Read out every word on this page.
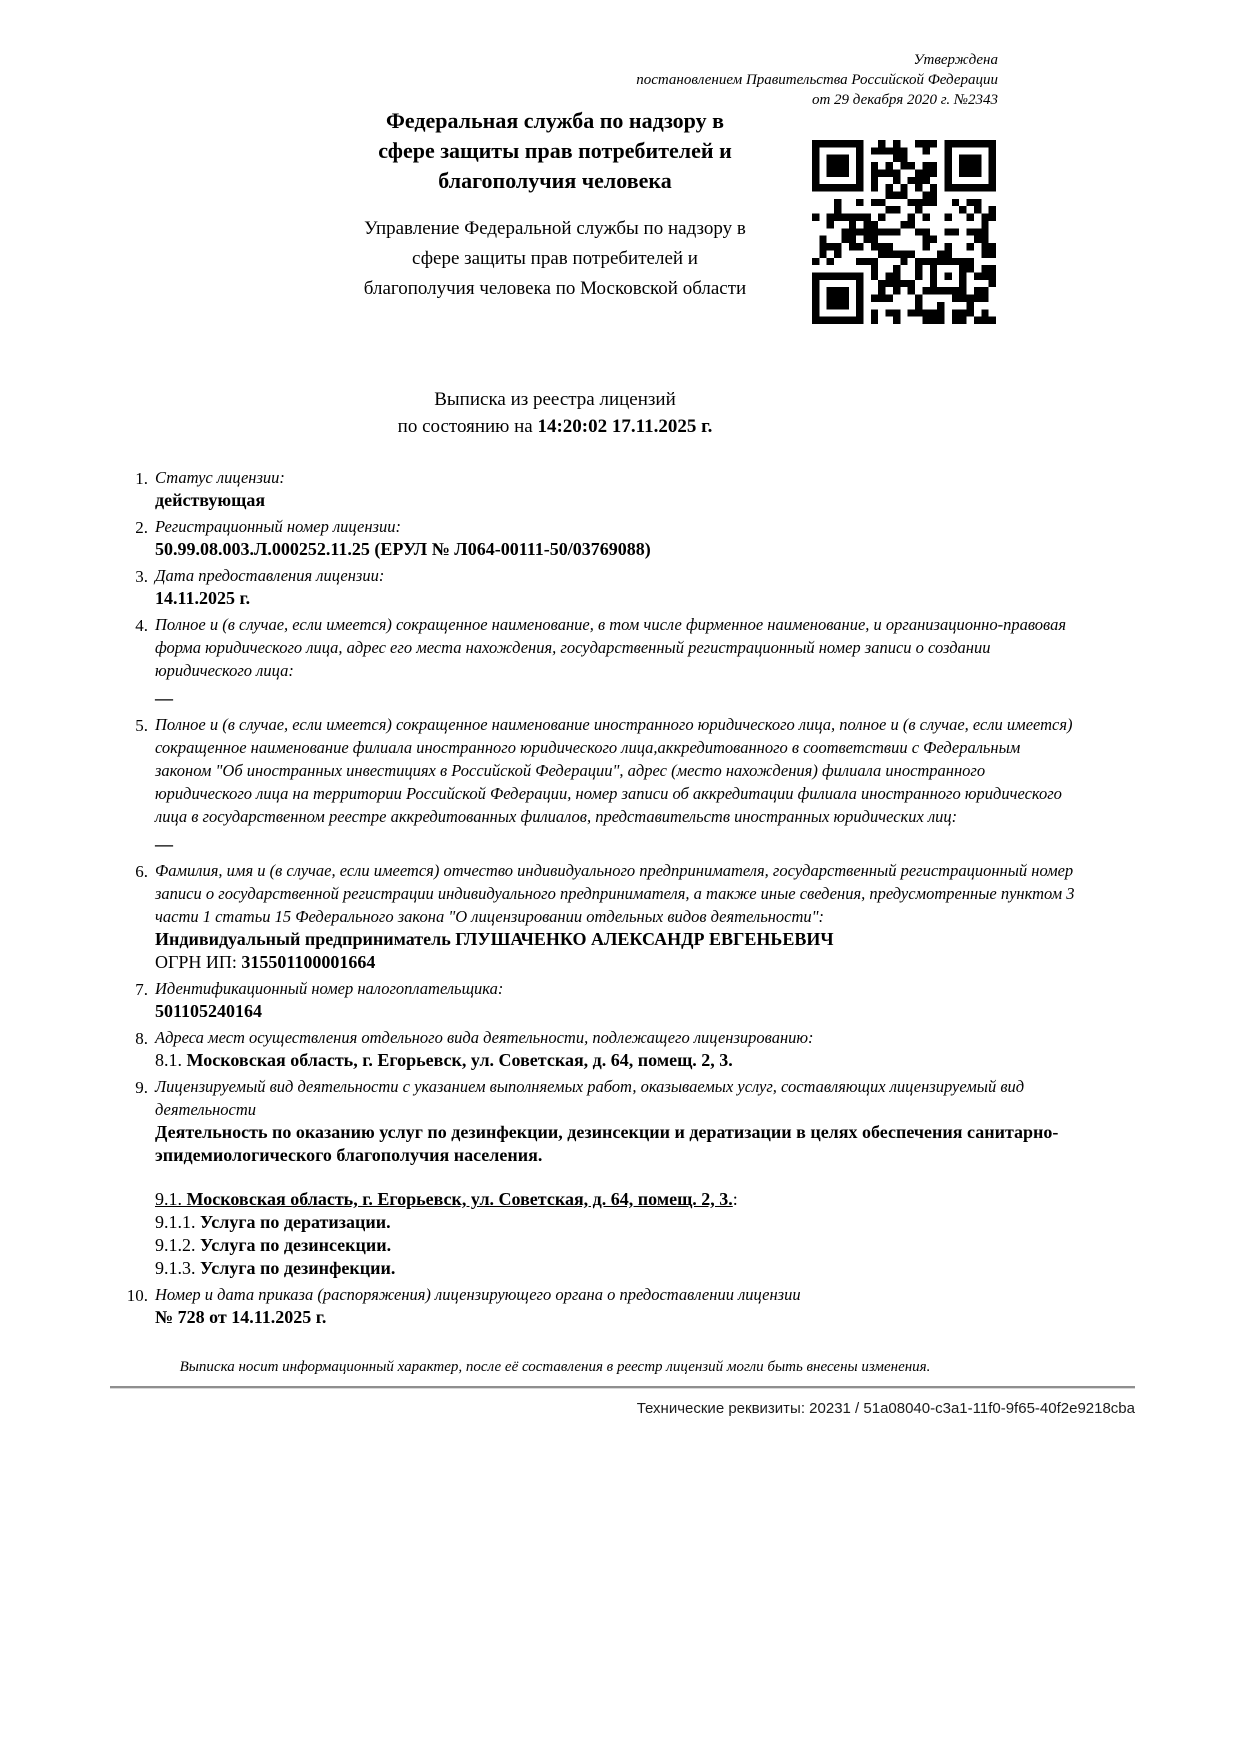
Утверждена
постановлением Правительства Российской Федерации
от 29 декабря 2020 г. №2343
Федеральная служба по надзору в
сфере защиты прав потребителей и
благополучия человека
Управление Федеральной службы по надзору в
сфере защиты прав потребителей и
благополучия человека по Московской области
Выписка из реестра лицензий
по состоянию на 14:20:02 17.11.2025 г.
1. Статус лицензии:
действующая
2. Регистрационный номер лицензии:
50.99.08.003.Л.000252.11.25 (ЕРУЛ № Л064-00111-50/03769088)
3. Дата предоставления лицензии:
14.11.2025 г.
4. Полное и (в случае, если имеется) сокращенное наименование, в том числе фирменное наименование, и организационно-правовая форма юридического лица, адрес его места нахождения, государственный регистрационный номер записи о создании юридического лица:
—
5. Полное и (в случае, если имеется) сокращенное наименование иностранного юридического лица, полное и (в случае, если имеется) сокращенное наименование филиала иностранного юридического лица,аккредитованного в соответствии с Федеральным законом "Об иностранных инвестициях в Российской Федерации", адрес (место нахождения) филиала иностранного юридического лица на территории Российской Федерации, номер записи об аккредитации филиала иностранного юридического лица в государственном реестре аккредитованных филиалов, представительств иностранных юридических лиц:
—
6. Фамилия, имя и (в случае, если имеется) отчество индивидуального предпринимателя, государственный регистрационный номер записи о государственной регистрации индивидуального предпринимателя, а также иные сведения, предусмотренные пунктом 3 части 1 статьи 15 Федерального закона "О лицензировании отдельных видов деятельности":
Индивидуальный предприниматель ГЛУШАЧЕНКО АЛЕКСАНДР ЕВГЕНЬЕВИЧ
ОГРН ИП: 315501100001664
7. Идентификационный номер налогоплательщика:
501105240164
8. Адреса мест осуществления отдельного вида деятельности, подлежащего лицензированию:
8.1. Московская область, г. Егорьевск, ул. Советская, д. 64, помещ. 2, 3.
9. Лицензируемый вид деятельности с указанием выполняемых работ, оказываемых услуг, составляющих лицензируемый вид деятельности
Деятельность по оказанию услуг по дезинфекции, дезинсекции и дератизации в целях обеспечения санитарно-эпидемиологического благополучия населения.
9.1. Московская область, г. Егорьевск, ул. Советская, д. 64, помещ. 2, 3.:
9.1.1. Услуга по дератизации.
9.1.2. Услуга по дезинсекции.
9.1.3. Услуга по дезинфекции.
10. Номер и дата приказа (распоряжения) лицензирующего органа о предоставлении лицензии
№ 728 от 14.11.2025 г.
Выписка носит информационный характер, после её составления в реестр лицензий могли быть внесены изменения.
Технические реквизиты: 20231 / 51a08040-c3a1-11f0-9f65-40f2e9218cba
